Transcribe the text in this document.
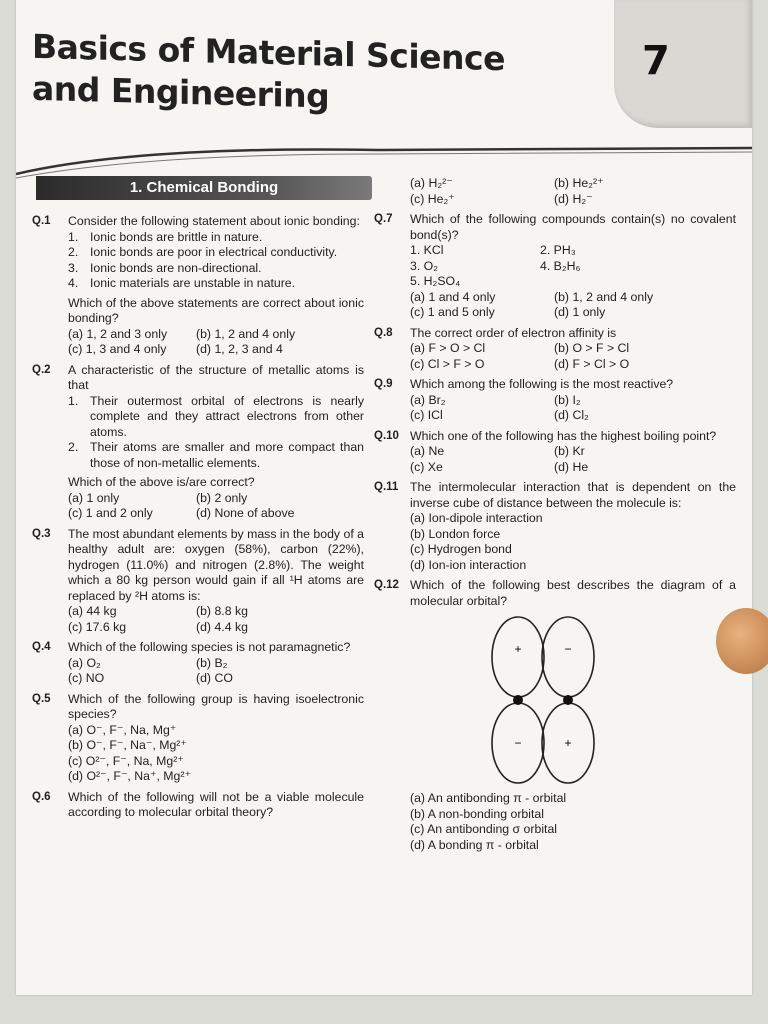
Basics of Material Science
and Engineering
7
1. Chemical Bonding
Q.1	Consider the following statement about ionic bonding:
1. Ionic bonds are brittle in nature.
2. Ionic bonds are poor in electrical conductivity.
3. Ionic bonds are non-directional.
4. Ionic materials are unstable in nature.
Which of the above statements are correct about ionic bonding?
(a) 1, 2 and 3 only	(b) 1, 2 and 4 only
(c) 1, 3 and 4 only	(d) 1, 2, 3 and 4
Q.2	A characteristic of the structure of metallic atoms is that
1. Their outermost orbital of electrons is nearly complete and they attract electrons from other atoms.
2. Their atoms are smaller and more compact than those of non-metallic elements.
Which of the above is/are correct?
(a) 1 only	(b) 2 only
(c) 1 and 2 only	(d) None of above
Q.3	The most abundant elements by mass in the body of a healthy adult are: oxygen (58%), carbon (22%), hydrogen (11.0%) and nitrogen (2.8%). The weight which a 80 kg person would gain if all ¹H atoms are replaced by ²H atoms is:
(a) 44 kg	(b) 8.8 kg
(c) 17.6 kg	(d) 4.4 kg
Q.4	Which of the following species is not paramagnetic?
(a) O₂	(b) B₂
(c) NO	(d) CO
Q.5	Which of the following group is having isoelectronic species?
(a) O⁻, F⁻, Na, Mg⁺
(b) O⁻, F⁻, Na⁻, Mg²⁺
(c) O²⁻, F⁻, Na, Mg²⁺
(d) O²⁻, F⁻, Na⁺, Mg²⁺
Q.6	Which of the following will not be a viable molecule according to molecular orbital theory?
(a) H₂²⁻	(b) He₂²⁺
(c) He₂⁺	(d) H₂⁻
Q.7	Which of the following compounds contain(s) no covalent bond(s)?
1. KCl	2. PH₃
3. O₂	4. B₂H₆
5. H₂SO₄
(a) 1 and 4 only	(b) 1, 2 and 4 only
(c) 1 and 5 only	(d) 1 only
Q.8	The correct order of electron affinity is
(a) F > O > Cl	(b) O > F > Cl
(c) Cl > F > O	(d) F > Cl > O
Q.9	Which among the following is the most reactive?
(a) Br₂	(b) I₂
(c) ICl	(d) Cl₂
Q.10 Which one of the following has the highest boiling point?
(a) Ne	(b) Kr
(c) Xe	(d) He
Q.11 The intermolecular interaction that is dependent on the inverse cube of distance between the molecule is:
(a) Ion-dipole interaction
(b) London force
(c) Hydrogen bond
(d) Ion-ion interaction
Q.12 Which of the following best describes the diagram of a molecular orbital?
+	−
−	+
(a) An antibonding π - orbital
(b) A non-bonding orbital
(c) An antibonding σ orbital
(d) A bonding π - orbital
